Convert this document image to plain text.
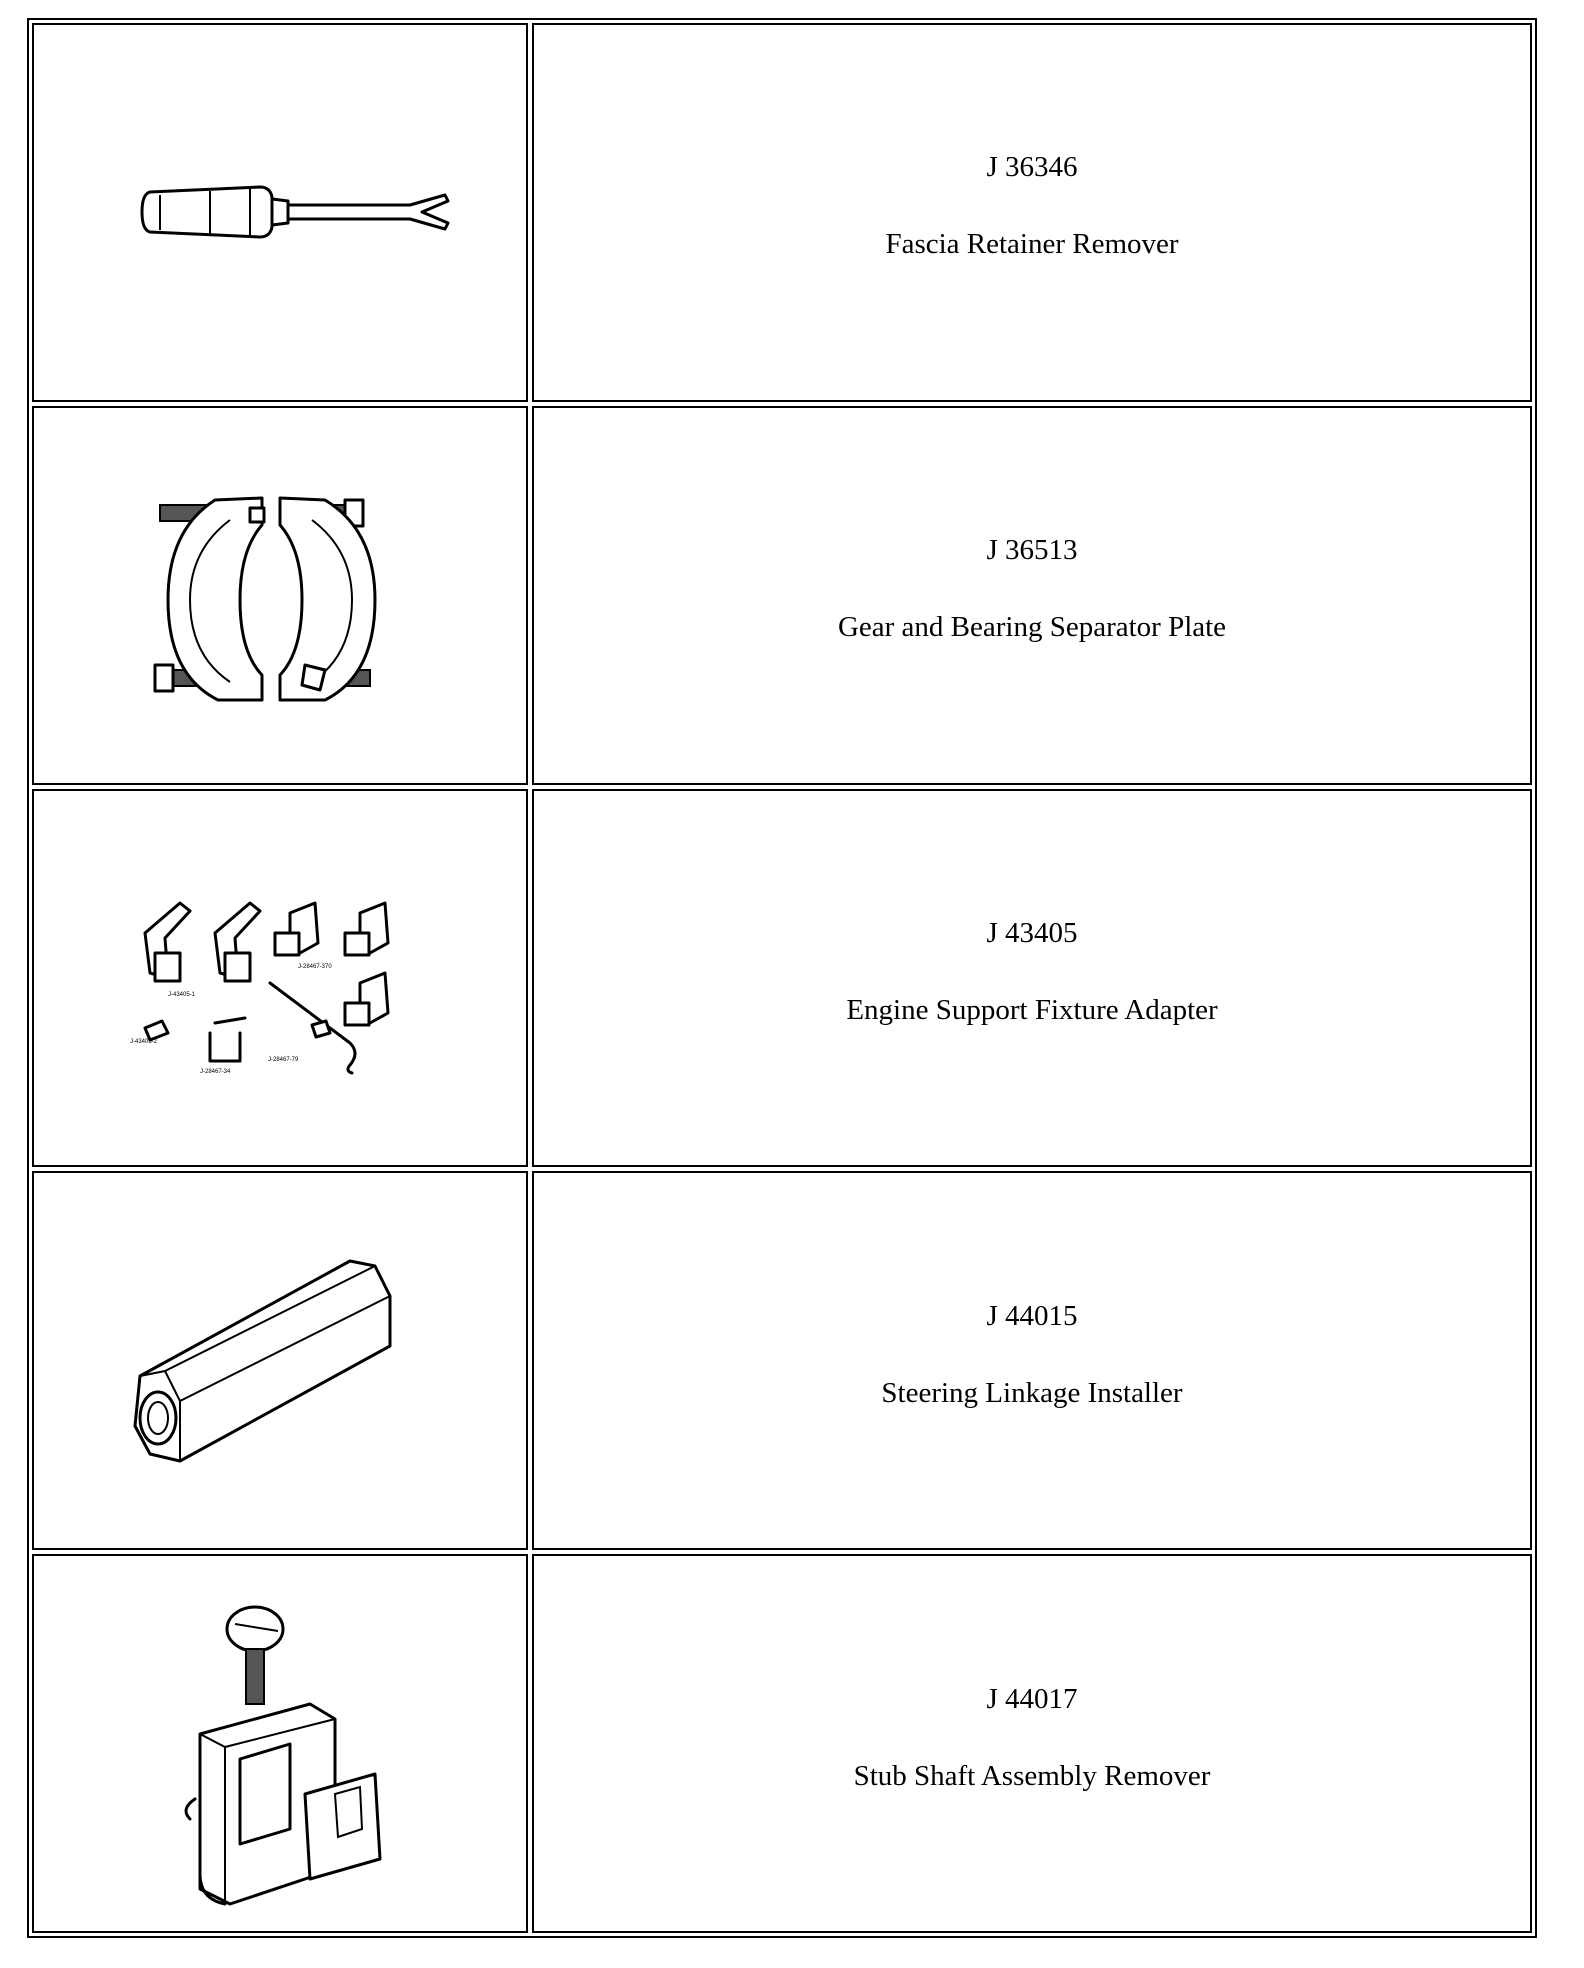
J 36346
Fascia Retainer Remover
J 36513
Gear and Bearing Separator Plate
J-43405-1
J-28467-370
J-43405-2
J-28467-34
J-28467-79
J 43405
Engine Support Fixture Adapter
J 44015
Steering Linkage Installer
J 44017
Stub Shaft Assembly Remover
